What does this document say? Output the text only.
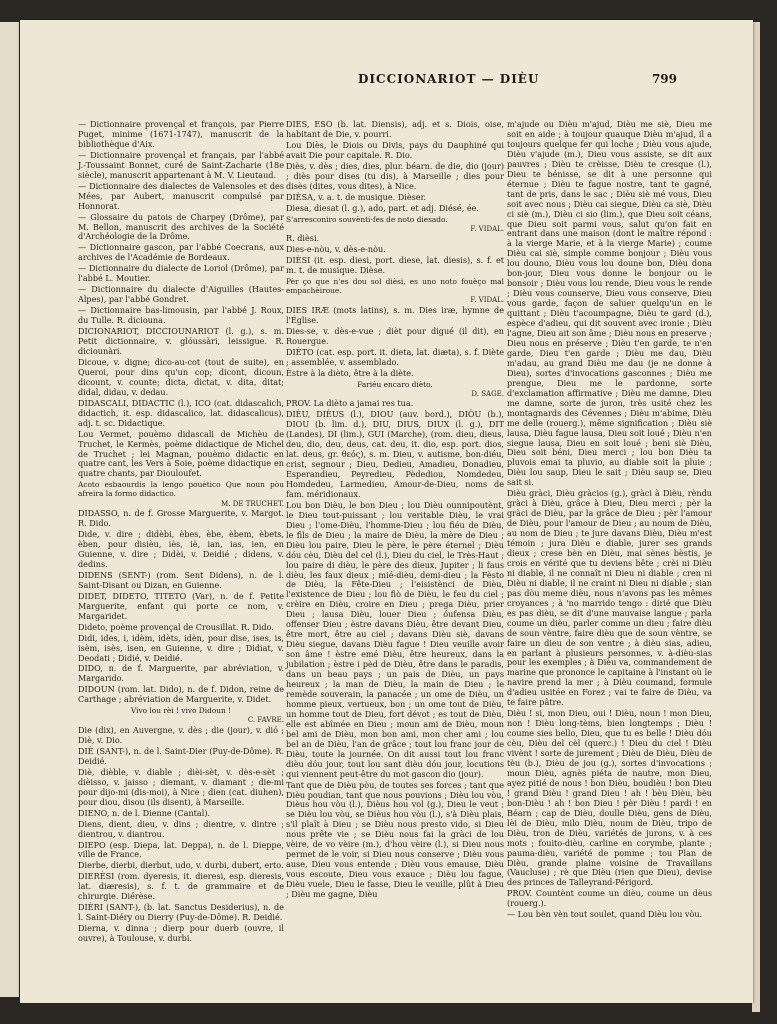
DICCIONARIOT — DIÈU	799

— Dictionnaire provençal et françois, par Pierre Puget, minime (1671-1747), manuscrit de la bibliothèque d'Aix.

— Dictionnaire provençal et français, par l'abbé J.-Toussaint Bonnet, curé de Saint-Zacharie (18e siècle), manuscrit appartenant à M. V. Lieutaud.

— Dictionnaire des dialectes de Valensoles et des Mées, par Aubert, manuscrit compulsé par Honnorat.

— Glossaire du patois de Charpey (Drôme), par M. Bellon, manuscrit des archives de la Société d'Archéologie de la Drôme.

— Dictionnaire gascon, par l'abbé Coecrans, aux archives de l'Académie de Bordeaux.

— Dictionnaire du dialecte de Loriol (Drôme), par l'abbé L. Moutier.

— Dictionnaire du dialecte d'Aiguilles (Hautes-Alpes), par l'abbé Gondret.

— Dictionnaire bas-limousin, par l'abbé J. Roux, du Tulle. R. diciouna.

DICIONARIOT, DICCIOUNARIOT (l. g.), s. m. Petit dictionnaire, v. glóussàri, leissigue. R. diciounàri.

Dicoue, v. digne; dico-au-cot (tout de suite), en Queroi, pour dins qu'un cop; dicont, dicoun, dicount, v. counte; dicta, dictat, v. dita, ditat; didal, didau, v. dedau.

DIDASCALI, DIDACTIC (l.), ICO (cat. didascalich, didactich, it. esp. didascalico, lat. didascalicus), adj. t. sc. Didactique.

Lou Vermet, pouèmo didascali de Michèu de Truchet, le Kermès, poème didactique de Michel de Truchet ; lei Magnan, pouèmo didactic en quatre cant, les Vers à Soie, poème didactique en quatre chants, par Diouloufet.

Acoto esbaourdis la lengo pouètico Que noun pòu afreira la formo didactico.

M. DE TRUCHET.

DIDASSO, n. de f. Grosse Marguerite, v. Margot. R. Dido.

Dide, v. dire ; didèbi, èbes, èbe, èbem, èbets, èben, pour disièu, iès, iè, ian, ias, ien, en Guienne, v. dire ; Didèi, v. Deidié ; didens, v. dedins.

DIDENS (SENT-) (rom. Sent Didens), n. de l. Saint-Disant ou Dizan, en Guienne.

DIDET, DIDETO, TITETO (Var), n. de f. Petite Marguerite, enfant qui porte ce nom, v. Margaridet.

Dideto, poème provençal de Crousillat. R. Dido.

Didi, ides, i, idèm, idèts, idèn, pour dise, ises, is, isèm, isès, isen, en Guienne, v. dire ; Didiat, v. Deodati ; Didié, v. Deidié.

DIDO, n. de f. Marguerite, par abréviation, v. Margarido.

DIDOUN (rom. lat. Dido), n. de f. Didon, reine de Carthage ; abréviation de Marguerite, v. Didet.

Vivo lou rèi ! vivo Didoun !

C. FAVRE.

Die (dix), en Auvergne, v. dès ; die (jour), v. dió ; Diè, v. Dio.

DIÈ (SANT-), n. de l. Saint-Dier (Puy-de-Dôme). R. Deidié.

Diè, dièble, v. diable ; dièi-sèt, v. dès-e-sèt ; dièisso, v. jaisso ; diemant, v. diamant ; die-mi pour dijo-mi (dis-moi), à Nice ; dien (cat. diuhen), pour diou, disou (ils disent), à Marseille.

DIENO, n. de l. Dienne (Cantal).

Diens, dient, dieu, v. dins ; dientre, v. dintre ; dientrou, v. diantrou.

DIEPO (esp. Diepa, lat. Deppa), n. de l. Dieppe, ville de France.

Dierbe, dierbi, dierbut, udo, v. durbi, dubert, erto.

DIERÈSI (rom. dyeresis, it. dieresi, esp. dieresis, lat. diæresis), s. f. t. de grammaire et de chirurgie. Diérèse.

DIÈRI (SANT-), (b. lat. Sanctus Desiderius), n. de l. Saint-Diéry ou Dierry (Puy-de-Dôme). R. Deidié.

Dierna, v. dinna ; dierp pour duerb (ouvre, il ouvre), à Toulouse, v. durbi.

DIES, ESO (b. lat. Diensis), adj. et s. Diois, oise, habitant de Die, v. pourri.

Lou Diès, le Diois ou Divis, pays du Dauphiné qui avait Die pour capitale. R. Dio.

Diès, v. dès ; dies, dies, plur. béarn. de die, dio (jour) ; diès pour dises (tu dis), à Marseille ; dies pour disès (dites, vous dites), à Nice.

DIÈSA, v. a. t. de musique. Dièser.

Diesa, diesat (l. g.), ado, part. et adj. Diésé, ée.

S'arresconiro souvènti-fes de noto diesado.

F. VIDAL.

R. dièsi.

Dies-e-nòu, v. dès-e-nòu.

DIÈSI (it. esp. diesi, port. diese, lat. diesis), s. f. et m. t. de musique. Dièse.

Pèr ço que n'es dou sol dièsi, es uno noto fouèço mal empachèiroue.

F. VIDAL.

DIES IRÆ (mots latins), s. m. Dies iræ, hymne de l'Église.

Dies-se, v. dès-e-vue ; dièt pour digué (il dit), en Rouergue.

DIÈTO (cat. esp. port. it. dieta, lat. diæta), s. f. Diète ; assemblée, v. assemblado.

Èstre à la dièto, être à la diète.

Fariéu encaro dièto.

D. SAGE.

PROV. La dièto a jamai res tua.

DIÈU, DIÈUS (l.), DIOU (auv. bord.), DIÒU (b.), DIOU (b. lim. d.), DIU, DIUS, DIUX (l. g.), DIT (Landes), DI (lim.), GUI (Marche), (rom. dieu, dieus, deu, dio, deu, deus, cat. deu, it. dio, esp. port. dios, lat. deus, gr. θεός), s. m. Dieu, v. autisme, bon-diéu, crist, segnour ; Dieu, Dedieu, Amadieu, Donadieu, Esperandieu, Peyredieu, Pèdediou, Nomdedeu, Homdedeu, Larmedieu, Amour-de-Dieu, noms de fam. méridionaux.

Lou bon Dièu, le bon Dieu ; lou Dièu ounnipoutènt, le Dieu tout-puissant ; lou veritable Dièu, le vrai Dieu ; l'ome-Dièu, l'homme-Dieu ; lou fiéu de Dièu, le fils de Dieu ; la maire de Dièu, la mère de Dieu ; Dièu lou paire, Dieu le père, le père éternel ; Dièu dóu cèu, Dièu del cel (l.), Dieu du ciel, le Très-Haut ; lou paire di dièu, le père des dieux, Jupiter ; li faus dièu, les faux dieux ; mié-dièu, demi-dieu ; la Fèsto de Dièu, la Fête-Dieu ; l'eisistènci de Dièu, l'existence de Dieu ; lou fiò de Dièu, le feu du ciel ; crèire en Dièu, croire en Dieu ; prega Dièu, prier Dieu ; lausa Dièu, louer Dieu ; óufensa Dièu, offenser Dieu ; èstre davans Dièu, être devant Dieu, être mort, être au ciel ; davans Dièu siè, davans Dièu siegue, davans Dièu fague ! Dieu veuille avoir son âme ! èstre emé Dièu, être heureux, dans la jubilation ; èstre i pèd de Dièu, être dans le paradis, dans un beau pays ; un pais de Dièu, un pays heureux ; la man de Dièu, la main de Dieu ; le remède souverain, la panacée ; un ome de Dièu, un homme pieux, vertueux, bon ; un ome tout de Dièu, un homme tout de Dieu, fort dévot ; es tout de Dièu, elle est abîmée en Dieu ; moun ami de Dièu, moun bel ami de Dièu, mon bon ami, mon cher ami ; lou bel an de Dièu, l'an de grâce ; tout lou franc jour de Dièu, toute la journée. On dit aussi tout lou franc dièu dóu jour, tout lou sant dièu dóu jour, locutions qui viennent peut-être du mot gascon dio (jour).

Tant que de Dièu pòu, de toutes ses forces ; tant que Dièu poudian, tant que nous pouvions ; Dièu lou vòu, Dièus hou vòu (l.), Dièus hou vol (g.), Dieu le veut ; se Dièu lou vòu, se Dièus hou vòu (l.), s'à Dièu plais, s'il plaît à Dieu ; se Dièu nous presto vido, si Dieu nous prête vie ; se Dièu nous fai la gràci de lou vèire, de vo vèire (m.), d'hou vèire (l.), si Dieu nous permet de le voir, si Dieu nous conserve ; Dièu vous ause, Dieu vous entende ; Dièu vous emause, Dièu vous escoute, Dieu vous exauce ; Dièu lou fague, Dièu vuele, Dieu le fasse, Dieu le veuille, plût à Dieu ; Dièu me gagne, Dièu

m'ajude ou Dièu m'ajud, Dièu me siè, Dieu me soit en aide ; à toujour quauque Dièu m'ajud, il a toujours quelque fer qui loche ; Dièu vous ajude, Dièu v'ajude (m.), Dieu vous assiste, se dit aux pauvres ; Dièu te crèisse, Dièu te cresque (l.), Dieu te bénisse, se dit à une personne qui éternue ; Dièu te fague nostre, tant te gagné, tant de pris, dans le sac ; Dièu siè mé vous, Dieu soit avec nous ; Dièu cai siegue, Dièu ca siè, Dièu ci siè (m.), Dièu ci sio (lim.), que Dieu soit céans, que Dieu soit parmi vous, salut qu'on fait en entrant dans une maison (dont le maître répond : à la vierge Marie, et à la vierge Marie) ; coume Dièu cai siè, simple comme bonjour ; Dièu vous lou douno, Dièu vous lou doune bon, Dièu dona bon-jour, Dieu vous donne le bonjour ou le bonsoir ; Dièu vous lou rende, Dieu vous le rende ; Dièu vous counserve, Dieu vous conserve, Dieu vous garde, façon de saluer quelqu'un en le quittant ; Dièu t'acoumpagne, Dièu te gard (d.), espèce d'adieu, qui dit souvent avec ironie ; Dièu l'agne, Dieu ait son âme ; Dièu nous en preserve ; Dieu nous en préserve ; Dièu t'en garde, te n'en garde, Dieu t'en garde ; Dièu me dau, Dièu m'adau, au grand Dièu me dau (je ne donne à Dieu), sortes d'invocations gasconnes ; Dièu me prengue, Dieu me le pardonne, sorte d'exclamation affirmative ; Dièu me damne, Dieu me damne, sorte de juron, très usité chez les montagnards des Cévennes ; Dièu m'abime, Dièu me delle (rouerg.), même signification ; Dièu siè lausa, Dièu fague lausa, Dieu soit loué ; Dièu n'en siegue lausa, Dieu en soit loué ; beni siè Dièu, Dieu soit béni, Dieu merci ; lou bon Dièu ta pluvois emai ta pluvio, au diable soit la pluie ; Dièu lou saup, Dieu le sait ; Dièu saup se, Dieu sait si.

Dièu gràci, Dièu gràcios (g.), gràci à Dièu, rèndu gràci à Dièu, grâce à Dieu, Dieu merci ; pèr la gràci de Dièu, par la grâce de Dieu ; pèr l'amour de Dièu, pour l'amour de Dieu ; au noum de Dièu, au nom de Dieu ; te jure davans Dièu, Dièu m'est témoin ; jura Dièu e diable, jurer ses grands dieux ; crese bèn en Dièu, mai sènes bèstis, je crois en vérité que tu deviens bête ; crèi ni Dièu ni diable, il ne connaît ni Dieu ni diable ; cren ni Dièu ni diable, il ne craint ni Dieu ni diable ; sian pas dòu meme dièu, nous n'avons pas les mêmes croyances ; à 'no marrido tengo : dirié que Dièu es pas dièu, se dit d'une mauvaise langue ; parla coume un dièu, parler comme un dieu ; faire dièu de soun vèntre, faire dièu que de soun vèntre, se faire un dieu de son ventre ; à dièu sias, adieu, en parlant à plusieurs personnes, v. à-dièu-sias pour les exemples ; à Dièu va, commandement de marine que prononce le capitaine à l'instant où le navire prend la mer ; à Dièu coumand, formule d'adieu usitée en Forez ; vai te faire de Dièu, va te faire pâtre.

Dièu ! si, mon Dieu, oui ! Dièu, noun ! mon Dieu, non ! Dièu long-tèms, bien longtemps ; Dièu ! coume sies bello, Dieu, que tu es belle ! Dièu dóu cèu, Dièu del cèl (querc.) ! Dieu du ciel ! Dièu vivènt ! sorte de jurement ; Dièu de Dièu, Dièu de tèu (b.), Dièu de jou (g.), sortes d'invocations ; moun Dièu, agnès piéta de nautre, mon Dieu, ayez pitié de nous ! bon Dièu, boudièu ! bon Dieu ! grand Dièu ! grand Dieu ! ah ! bèu Dièu, bèu bon-Dièu ! ah ! bon Dieu ! pèr Dièu ! pardi ! en Béarn ; cap de Dièu, doulle Dièu, gens de Dièu, lèi de Dièu, milo Dièu, noum de Dièu, tripo de Dièu, tron de Dièu, variétés de jurons, v. à ces mots ; fouito-dièu, carline en corymbe, plante ; pauma-dièu, variété de pomme ; tou Plan de Dièu, grande plaine voisine de Travaillans (Vaucluse) ; rè que Dièu (rien que Dieu), devise des princes de Talleyrand-Périgord.

PROV. Countènt coume un dièu, coume un dèus (rouerg.).

— Lou bèn vèn tout soulet, quand Dièu lou vòu.
